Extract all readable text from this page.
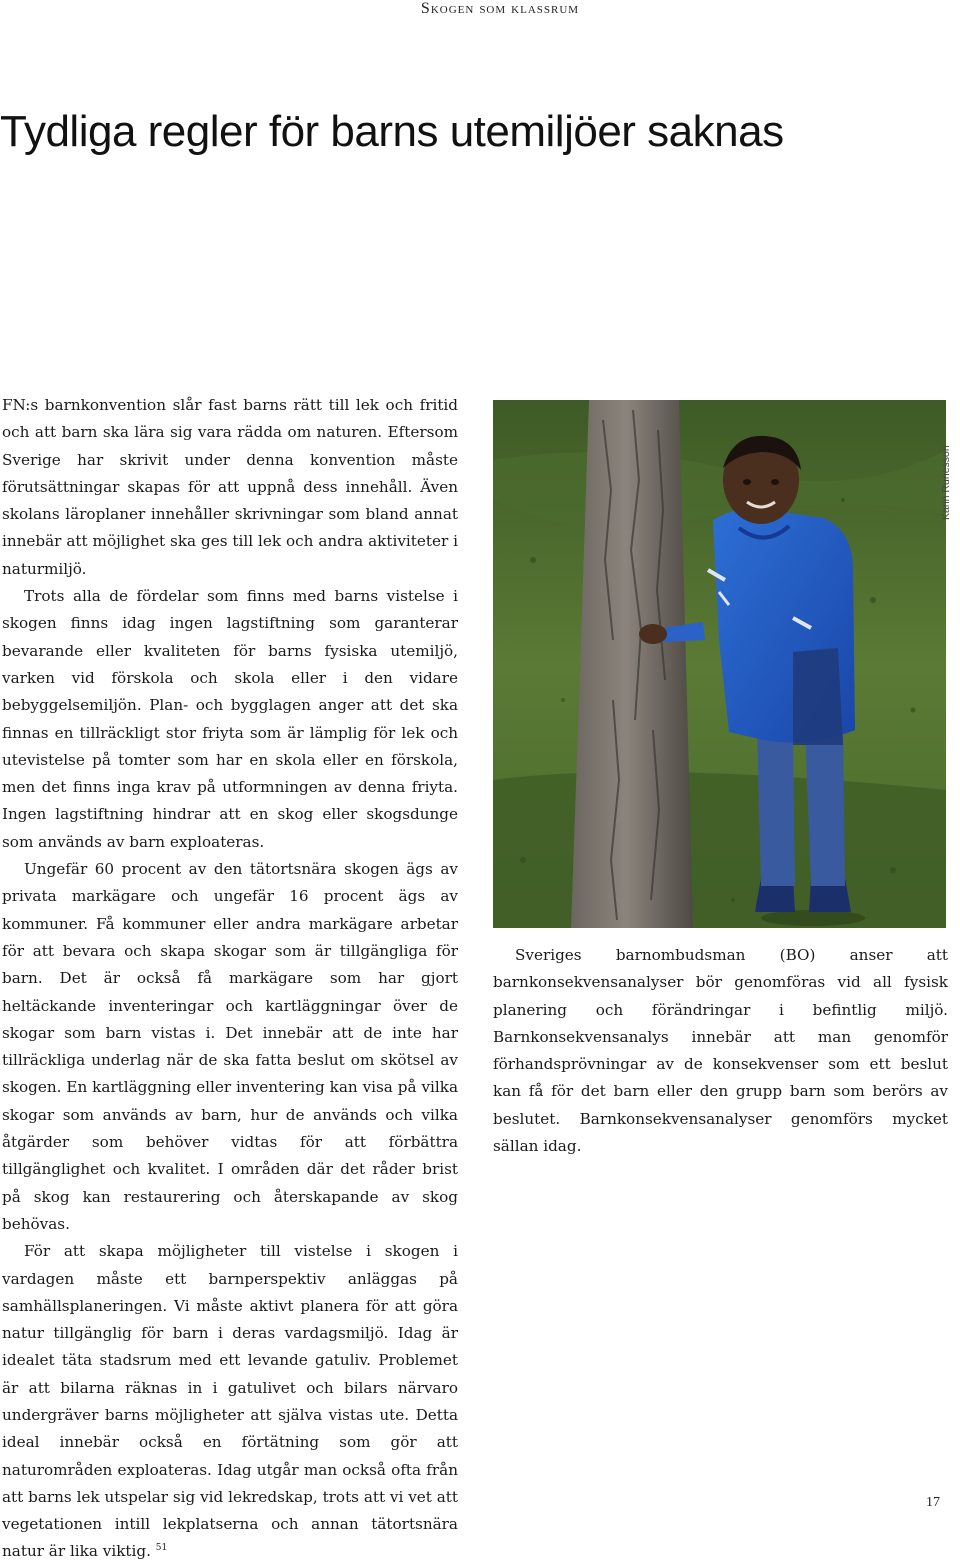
Skogen som klassrum
Tydliga regler för barns utemiljöer saknas

FN:s barnkonvention slår fast barns rätt till lek och fritid och att barn ska lära sig vara rädda om naturen. Eftersom Sverige har skrivit under denna konvention måste förutsättningar skapas för att uppnå dess innehåll. Även skolans läroplaner innehåller skrivningar som bland annat innebär att möjlighet ska ges till lek och andra aktiviteter i naturmiljö.

Trots alla de fördelar som finns med barns vistelse i skogen finns idag ingen lagstiftning som garanterar bevarande eller kvaliteten för barns fysiska utemiljö, varken vid förskola och skola eller i den vidare bebyggelsemiljön. Plan- och bygglagen anger att det ska finnas en tillräckligt stor friyta som är lämplig för lek och utevistelse på tomter som har en skola eller en förskola, men det finns inga krav på utformningen av denna friyta. Ingen lagstiftning hindrar att en skog eller skogsdunge som används av barn exploateras.

Ungefär 60 procent av den tätortsnära skogen ägs av privata markägare och ungefär 16 procent ägs av kommuner. Få kommuner eller andra markägare arbetar för att bevara och skapa skogar som är tillgängliga för barn. Det är också få markägare som har gjort heltäckande inventeringar och kartläggningar över de skogar som barn vistas i. Det innebär att de inte har tillräckliga underlag när de ska fatta beslut om skötsel av skogen. En kartläggning eller inventering kan visa på vilka skogar som används av barn, hur de används och vilka åtgärder som behöver vidtas för att förbättra tillgänglighet och kvalitet. I områden där det råder brist på skog kan restaurering och återskapande av skog behövas.

För att skapa möjligheter till vistelse i skogen i vardagen måste ett barnperspektiv anläggas på samhällsplaneringen. Vi måste aktivt planera för att göra natur tillgänglig för barn i deras vardagsmiljö. Idag är idealet täta stadsrum med ett levande gatuliv. Problemet är att bilarna räknas in i gatulivet och bilars närvaro undergräver barns möjligheter att själva vistas ute. Detta ideal innebär också en förtätning som gör att naturområden exploateras. Idag utgår man också ofta från att barns lek utspelar sig vid lekredskap, trots att vi vet att vegetationen intill lekplatserna och annan tätortsnära natur är lika viktig. $^{51}$

Karin Runesson

Sveriges barnombudsman (BO) anser att barnkonsekvensanalyser bör genomföras vid all fysisk planering och förändringar i befintlig miljö. Barnkonsekvensanalys innebär att man genomför förhandsprövningar av de konsekvenser som ett beslut kan få för det barn eller den grupp barn som berörs av beslutet. Barnkonsekvensanalyser genomförs mycket sällan idag.

17
